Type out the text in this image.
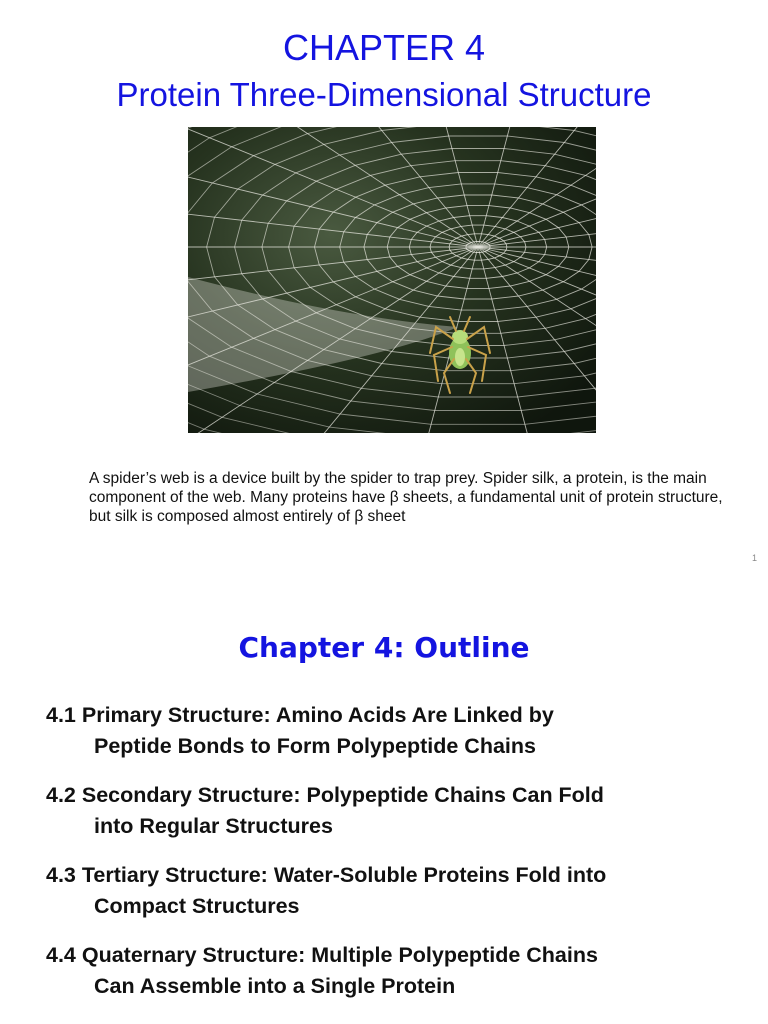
CHAPTER 4
Protein Three-Dimensional Structure

A spider’s web is a device built by the spider to trap prey. Spider silk, a protein, is the main component of the web. Many proteins have β sheets, a fundamental unit of protein structure, but silk is composed almost entirely of β sheet

1
Chapter 4: Outline
4.1 Primary Structure: Amino Acids Are Linked by
Peptide Bonds to Form Polypeptide Chains
4.2 Secondary Structure: Polypeptide Chains Can Fold
into Regular Structures
4.3 Tertiary Structure: Water-Soluble Proteins Fold into
Compact Structures
4.4 Quaternary Structure: Multiple Polypeptide Chains
Can Assemble into a Single Protein
